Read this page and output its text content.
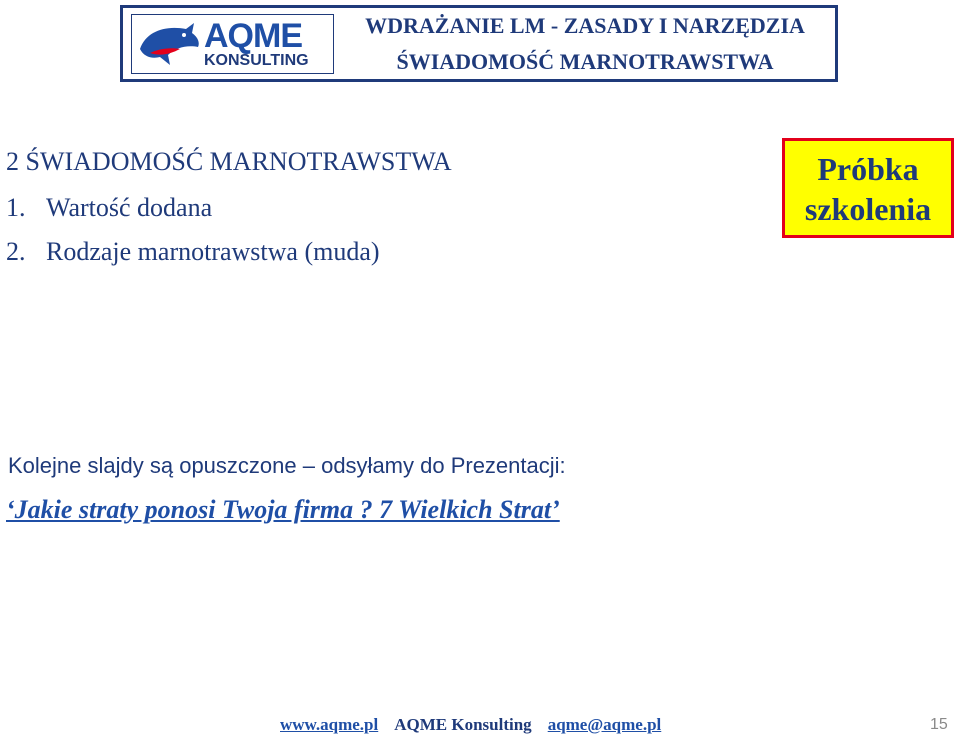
AQME
KONSULTING
WDRAŻANIE LM - ZASADY I NARZĘDZIA
ŚWIADOMOŚĆ MARNOTRAWSTWA
2 ŚWIADOMOŚĆ MARNOTRAWSTWA
1. Wartość dodana
2. Rodzaje marnotrawstwa (muda)
Próbka
szkolenia
Kolejne slajdy są opuszczone – odsyłamy do Prezentacji:
‘Jakie straty ponosi Twoja firma ? 7 Wielkich Strat’
www.aqme.pl AQME Konsulting aqme@aqme.pl	15
